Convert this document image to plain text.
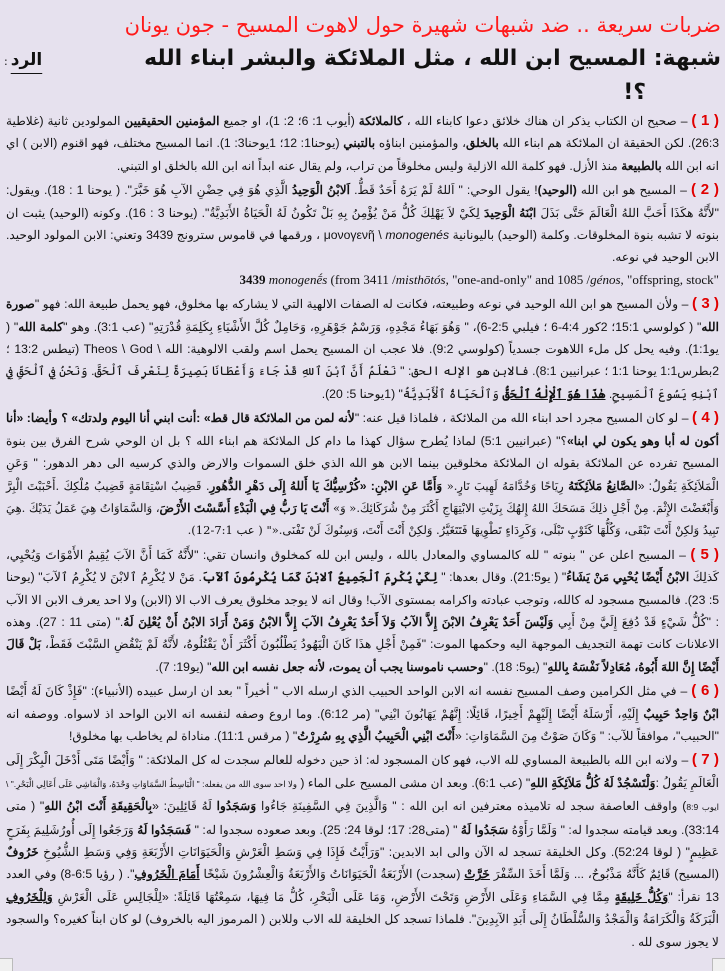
ضربات سريعة .. ضد شبهات شهيرة حول لاهوت المسيح - جون يونان
شبهة:

المسيح ابن الله ، مثل الملائكة والبشر ابناء الله ؟!
الرد
:

( 1 ) – صحيح ان الكتاب يذكر ان هناك خلائق دعوا كابناء الله ، كالملائكة (أيوب 1: 6؛ 2: 1)، او جميع المؤمنين الحقيقيين المولودين ثانية (غلاطية 26:3). لكن الحقيقة ان الملائكة هم ابناء الله بالخلق، والمؤمنين ابناؤه بالتبني (يوحنا1: 12؛ 1يوحنا3: 1). انما المسيح مختلف، فهو اقنوم (الابن ) اي انه ابن الله بالطبيعة منذ الأزل. فهو كلمة الله الازلية وليس مخلوقاً من تراب، ولم يقال عنه ابداً انه ابن الله بالخلق او التبني.

( 2 ) – المسيح هو ابن الله (الوحيد)! يقول الوحي: " اَللهُ لَمْ يَرَهُ أَحَدٌ قَطُّ. اَلابْنُ الْوَحِيدُ الَّذِي هُوَ فِي حِضْنِ الآبِ هُوَ خَبَّرَ". ( يوحنا 1 : 18). ويقول: "لأَنَّهُ هكَذَا أَحَبَّ اللهُ الْعَالَمَ حَتَّى بَذَلَ ابْنَهُ الْوَحِيدَ لِكَيْ لاَ يَهْلِكَ كُلُّ مَنْ يُؤْمِنُ بِهِ بَلْ تَكُونُ لَهُ الْحَيَاةُ الأَبَدِيَّةُ". (يوحنا 3 : 16). وكونه (الوحيد) يثبت ان بنوته لا تشبه بنوة المخلوقات. وكلمة (الوحيد) باليونانية μονογενῆ \ monogenés ، ورقمها في قاموس سترونج 3439 وتعني: الابن المولود الوحيد. الابن الوحيد في نوعه.
3439 monogenḗs (from 3411 /misthōtós, "one-and-only" and 1085 /génos, "offspring, stock"

( 3 ) – ولأن المسيح هو ابن الله الوحيد في نوعه وطبيعته، فكانت له الصفات الالهية التي لا يشاركه بها مخلوق، فهو يحمل طبيعة الله: فهو "صورة الله" ( كولوسي 15:1؛ 2كور 4:4-6 ؛ فيلبي 2:5-6)، " وَهُوَ بَهَاءُ مَجْدِهِ، وَرَسْمُ جَوْهَرِهِ، وَحَامِلٌ كُلَّ الأَشْيَاءِ بِكَلِمَةِ قُدْرَتِهِ" (عب 3:1). وهو "كلمة الله" ( يو1:1). وفيه يحل كل ملء اللاهوت جسدياً (كولوسي 9:2). فلا عجب ان المسيح يحمل اسم ولقب الالوهية: الله \ Theos \ God (تيطس 13:2 ؛ 2بطرس1:1 يوحنا 1:1 ؛ عبرانيين 8:1). فالابن هو الإله الحق: " نَعْلَمُ أَنَّ ٱبْنَ ٱللهِ قَدْ جَاءَ وَأَعْطَانَا بَصِيرَةً لِنَعْرِفَ ٱلْحَقَّ. وَنَحْنُ فِي ٱلْحَقِّ فِي ٱبْنِهِ يَسُوعَ ٱلْمَسِيحِ. هٰذَا هُوَ ٱلْإِلٰهُ ٱلْحَقُّ وَٱلْحَيَاةُ ٱلْأَبَدِيَّةُ" (1يوحنا 5: 20).

( 4 ) – لو كان المسيح مجرد احد ابناء الله من الملائكة ، فلماذا قيل عنه: "لأنه لمن من الملائكة قال قط» :أنت ابني أنا اليوم ولدتك» ؟ وأيضا: «أنا أكون له أبا وهو يكون لي ابنا»؟" (عبرانيين 5:1) لماذا يُطرح سؤال كهذا ما دام كل الملائكة هم ابناء الله ؟ بل ان الوحي شرح الفرق بين بنوة المسيح تفرده عن الملائكة بقوله ان الملائكة مخلوقين بينما الابن هو الله الذي خلق السموات والارض والذي كرسيه الى دهر الدهور: " وَعَنِ الْمَلاَئِكَةِ يَقُولُ: «الصَّانِعُ مَلاَئِكَتَهُ رِيَاحًا وَخُدَّامَهُ لَهِيبَ نَارٍ.« وَأَمَّا عَنِ الابْنِ: «كُرْسِيُّكَ يَا أَللهُ إِلَى دَهْرِ الدُّهُورِ. قَضِيبُ اسْتِقَامَةٍ قَضِيبُ مُلْكِكَ .أَحْبَبْتَ الْبِرَّ وَأَبْغَضْتَ الإِثْمَ. مِنْ أَجْلِ ذلِكَ مَسَحَكَ اللهُ إِلهُكَ بِزَيْتِ الابْتِهَاجِ أَكْثَرَ مِنْ شُرَكَائِكَ.« وَ» أَنْتَ يَا رَبُّ فِي الْبَدْءِ أَسَّسْتَ الأَرْضَ، وَالسَّمَاوَاتُ هِيَ عَمَلُ يَدَيْكَ .هِيَ تَبِيدُ وَلكِنْ أَنْتَ تَبْقَى، وَكُلُّهَا كَثَوْبٍ تَبْلَى، وَكَرِدَاءٍ تَطْوِيهَا فَتَتَغَيَّرُ. وَلكِنْ أَنْتَ أَنْتَ، وَسِنُوكَ لَنْ تَفْنَى.«" ( عب 7:1-12).

( 5 ) – المسيح اعلن عن " بنوته " لله كالمساوي والمعادل بالله ، وليس ابن لله كمخلوق وانسان تقي: "لأَنَّهُ كَمَا أَنَّ الآبَ يُقِيمُ الأَمْوَاتَ وَيُحْيِي، كَذلِكَ الابْنُ أَيْضًا يُحْيِي مَنْ يَشَاءُ" ( يو21:5). وقال بعدها: " لِكَيْ يُكْرِمَ ٱلْجَمِيعُ ٱلابْنَ كَمَا يُكْرِمُونَ ٱلآبَ. مَنْ لا يُكْرِمُ ٱلابْنَ لا يُكْرِمُ ٱلآبَ" (يوحنا 5: 23). فالمسيح مسجود له كالله، وتوجب عبادته واكرامه بمستوى الآب! وقال انه لا يوجد مخلوق يعرف الاب الا (الابن) ولا احد يعرف الابن الا الآب : "كُلُّ شَيْءٍ قَدْ دُفِعَ إِلَيَّ مِنْ أَبِي وَلَيْسَ أَحَدٌ يَعْرِفُ الابْنَ إِلاَّ الآبُ وَلاَ أَحَدٌ يَعْرِفُ الآبَ إِلاَّ الابْنُ وَمَنْ أَرَادَ الابْنُ أَنْ يُعْلِنَ لَهُ." (متى 11 : 27). وهذه الاعلانات كانت تهمة التجديف الموجهة اليه وحكمها الموت: "فَمِنْ أَجْلِ هذَا كَانَ الْيَهُودُ يَطْلُبُونَ أَكْثَرَ أَنْ يَقْتُلُوهُ، لأَنَّهُ لَمْ يَنْقُضِ السَّبْتَ فَقَطْ، بَلْ قَالَ أَيْضًا إِنَّ اللهَ أَبُوهُ، مُعَادِلاً نَفْسَهُ بِاللهِ" (يو5: 18). "وحسب ناموسنا يجب أن يموت، لأنه جعل نفسه ابن الله" (يو19: 7).

( 6 ) – في مثل الكرامين وصف المسيح نفسه انه الابن الواحد الحبيب الذي ارسله الاب " أخيراً " بعد ان ارسل عبيده (الأنبياء): "فَإِذْ كَانَ لَهُ أَيْضًا ابْنٌ وَاحِدٌ حَبِيبٌ إِلَيْهِ، أَرْسَلَهُ أَيْضًا إِلَيْهِمْ أَخِيرًا، قَائِلًا: إِنَّهُمْ يَهَابُونَ ابْنِي" (مر 6:12). وما اروع وصفه لنفسه انه الابن الواحد اذ لاسواه. ووصفه انه "الحبيب"، موافقاً للآب: " وَكَانَ صَوْتٌ مِنَ السَّمَاوَاتِ: «أَنْتَ ابْنِي الْحَبِيبُ الَّذِي بِهِ سُرِرْتُ" ( مرقس 11:1). مناداة لم يخاطب بها مخلوق!

( 7 ) – ولانه ابن الله بالطبيعة المساوي لله الاب، فهو كان المسجود له: اذ حين دخوله للعالم سجدت له كل الملائكة: " وَأَيْضًا مَتَى أَدْخَلَ الْبِكْرَ إِلَى الْعَالَمِ يَقُولُ :وَلْتَسْجُدْ لَهُ كُلُّ مَلاَئِكَةِ اللهِ" (عب 6:1). وبعد ان مشى المسيح على الماء ( ولا احد سوى الله من يفعله: " الْبَاسِطُ السَّمَاوَاتِ وَحْدَهُ، وَالْمَاشِي عَلَى أَعَالِي الْبَحْرِ." \ ايوب 8:9) واوقف العاصفة سجد له تلاميذه معترفين انه ابن الله : " وَالَّذِينَ فِي السَّفِينَةِ جَاءُوا وَسَجَدُوا لَهُ قَائِلِينَ: «بِالْحَقِيقَةِ أَنْتَ ابْنُ اللهِ" ( متى 33:14). وبعد قيامته سجدوا له: " وَلَمَّا رَأَوْهُ سَجَدُوا لَهُ " (متى28: 17؛ لوقا 24: 25). وبعد صعوده سجدوا له: " فَسَجَدُوا لَهُ وَرَجَعُوا إِلَى أُورُشَلِيمَ بِفَرَحٍ عَظِيمٍ" ( لوقا 52:24). وكل الخليقة تسجد له الآن والى ابد الابدين: "وَرَأَيْتُ فَإِذَا فِي وَسَطِ الْعَرْشِ وَالْحَيَوَانَاتِ الأَرْبَعَةِ وَفِي وَسَطِ الشُّيُوخِ خَرُوفٌ (المسيح) قَائِمٌ كَأَنَّهُ مَذْبُوحٌ، ... وَلَمَّا أَخَذَ السِّفْرَ خَرَّتْ (سجدت) الأَرْبَعَةُ الْحَيَوَانَاتُ وَالأَرْبَعَةُ وَالْعِشْرُونَ شَيْخًا أَمَامَ الْخَرُوفِ". ( رؤيا 6:5-8) وفي العدد 13 نقرأ: "وَكُلُّ خَلِيقَةٍ مِمَّا فِي السَّمَاءِ وَعَلَى الأَرْضِ وَتَحْتَ الأَرْضِ، وَمَا عَلَى الْبَحْرِ، كُلُّ مَا فِيهَا، سَمِعْتُهَا قَائِلَةً: «لِلْجَالِسِ عَلَى الْعَرْشِ وَلِلْخَرُوفِ الْبَرَكَةُ وَالْكَرَامَةُ وَالْمَجْدُ وَالسُّلْطَانُ إِلَى أَبَدِ الآبِدِينَ". فلماذا تسجد كل الخليقة لله الاب وللابن ( المرموز اليه بالخروف) لو كان ابناً كغيره؟ والسجود لا يجوز سوى لله .
